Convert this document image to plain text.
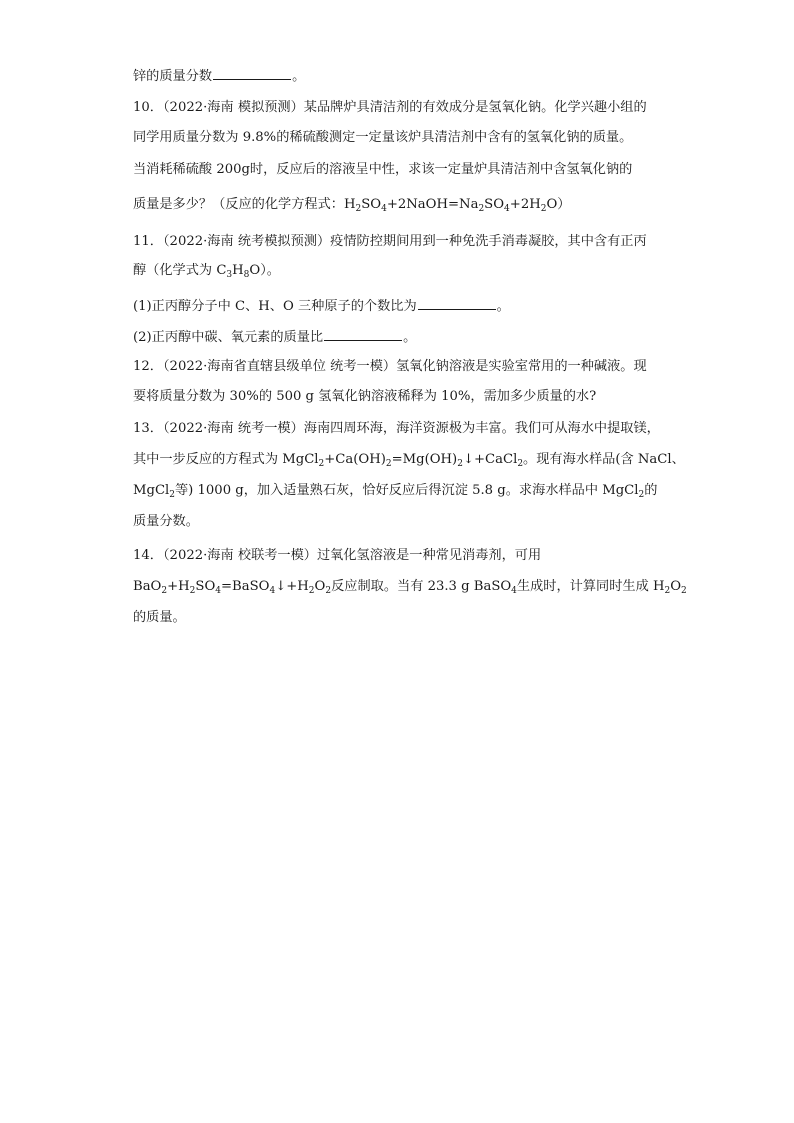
锌的质量分数	。
10．（2022·海南 模拟预测）某品牌炉具清洁剂的有效成分是氢氧化钠。化学兴趣小组的
同学用质量分数为 9.8%的稀硫酸测定一定量该炉具清洁剂中含有的氢氧化钠的质量。
当消耗稀硫酸 200g时，反应后的溶液呈中性，求该一定量炉具清洁剂中含氢氧化钠的
质量是多少？（反应的化学方程式：$H_2SO_4+2NaOH=Na_2SO_4+2H_2O$）
11．（2022·海南 统考模拟预测）疫情防控期间用到一种免洗手消毒凝胶，其中含有正丙
醇（化学式为 $C_3H_8O$）。
(1)正丙醇分子中 C、H、O 三种原子的个数比为	。
(2)正丙醇中碳、氧元素的质量比	。
12．（2022·海南省直辖县级单位 统考一模）氢氧化钠溶液是实验室常用的一种碱液。现
要将质量分数为 30%的 500 g 氢氧化钠溶液稀释为 10%，需加多少质量的水?
13．（2022·海南 统考一模）海南四周环海，海洋资源极为丰富。我们可从海水中提取镁，
其中一步反应的方程式为 $MgCl_2+Ca(OH)_2=Mg(OH)_2↓+CaCl_2$。现有海水样品(含 NaCl、
MgCl$_2$等) 1000 g，加入适量熟石灰，恰好反应后得沉淀 5.8 g。求海水样品中 MgCl$_2$的
质量分数。
14．（2022·海南 校联考一模）过氧化氢溶液是一种常见消毒剂，可用
$BaO_2+H_2SO_4=BaSO_4↓+H_2O_2$反应制取。当有 23.3 g BaSO$_4$生成时，计算同时生成 $H_2O_2$
的质量。
